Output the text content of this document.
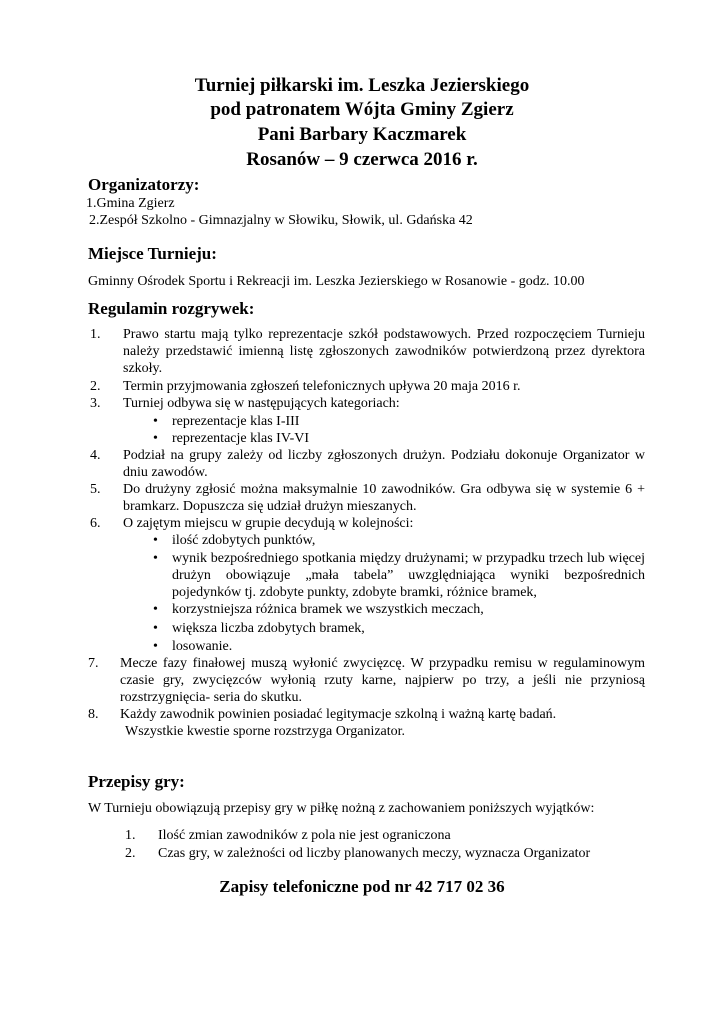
Turniej piłkarski im. Leszka Jezierskiego
pod patronatem Wójta Gminy Zgierz
Pani Barbary Kaczmarek
Rosanów – 9 czerwca 2016 r.
Organizatorzy:
1.Gmina Zgierz
2.Zespół Szkolno - Gimnazjalny w Słowiku, Słowik, ul. Gdańska 42
Miejsce Turnieju:
Gminny Ośrodek Sportu i Rekreacji im. Leszka Jezierskiego w Rosanowie - godz. 10.00
Regulamin rozgrywek:
1. Prawo startu mają tylko reprezentacje szkół podstawowych. Przed rozpoczęciem Turnieju należy przedstawić imienną listę zgłoszonych zawodników potwierdzoną przez dyrektora szkoły.
2. Termin przyjmowania zgłoszeń telefonicznych upływa 20 maja 2016 r.
3. Turniej odbywa się w następujących kategoriach:
• reprezentacje klas I-III
• reprezentacje klas IV-VI
4. Podział na grupy zależy od liczby zgłoszonych drużyn. Podziału dokonuje Organizator w dniu zawodów.
5. Do drużyny zgłosić można maksymalnie 10 zawodników. Gra odbywa się w systemie 6 + bramkarz. Dopuszcza się udział drużyn mieszanych.
6. O zajętym miejscu w grupie decydują w kolejności:
• ilość zdobytych punktów,
• wynik bezpośredniego spotkania między drużynami; w przypadku trzech lub więcej drużyn obowiązuje „mała tabela” uwzględniająca wyniki bezpośrednich pojedynków tj. zdobyte punkty, zdobyte bramki, różnice bramek,
• korzystniejsza różnica bramek we wszystkich meczach,
• większa liczba zdobytych bramek,
• losowanie.
7. Mecze fazy finałowej muszą wyłonić zwycięzcę. W przypadku remisu w regulaminowym czasie gry, zwycięzców wyłonią rzuty karne, najpierw po trzy, a jeśli nie przyniosą rozstrzygnięcia- seria do skutku.
8. Każdy zawodnik powinien posiadać legitymacje szkolną i ważną kartę badań.
Wszystkie kwestie sporne rozstrzyga Organizator.
Przepisy gry:
W Turnieju obowiązują przepisy gry w piłkę nożną z zachowaniem poniższych wyjątków:
1. Ilość zmian zawodników z pola nie jest ograniczona
2. Czas gry, w zależności od liczby planowanych meczy, wyznacza Organizator
Zapisy telefoniczne pod nr 42 717 02 36
